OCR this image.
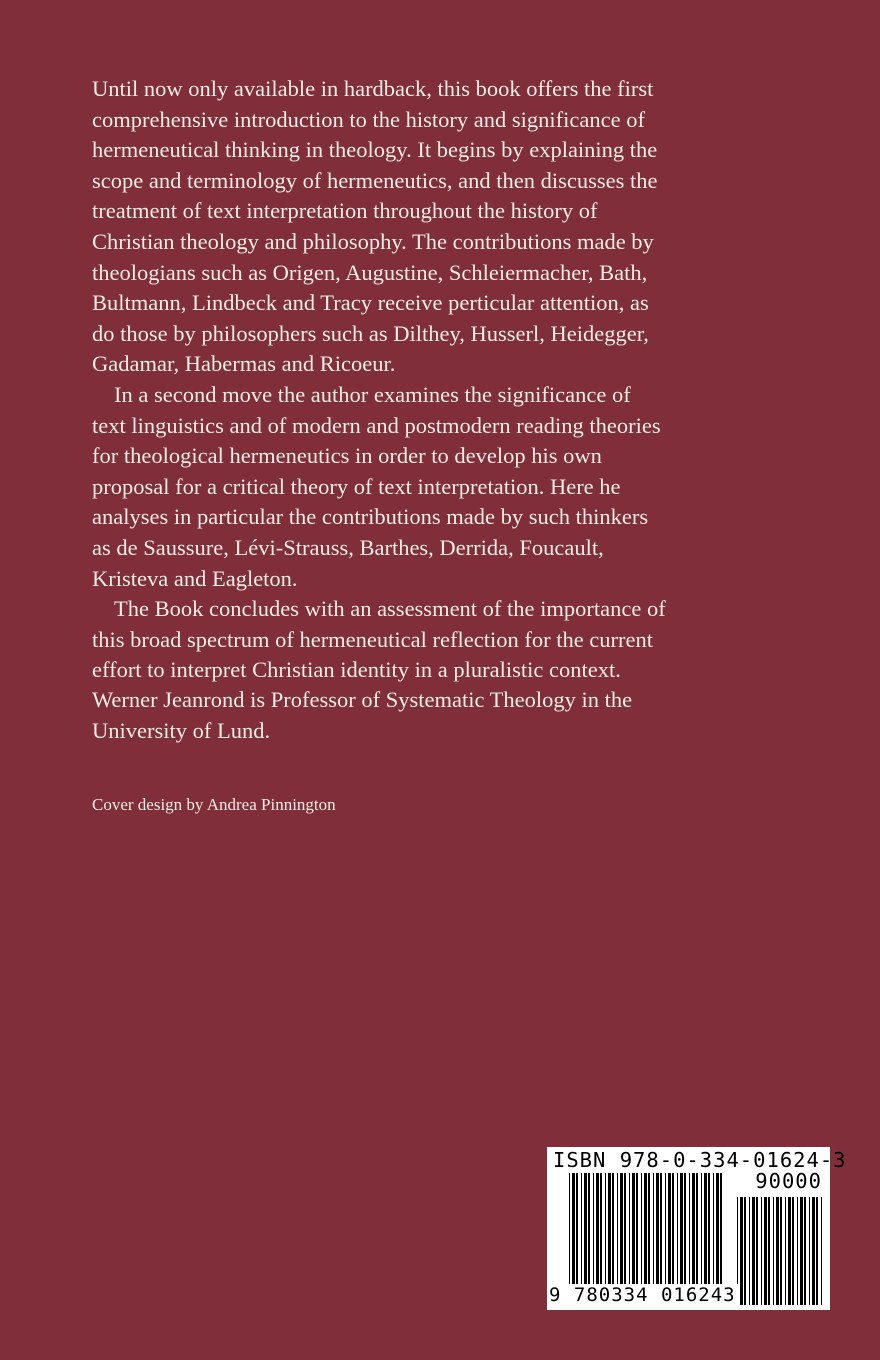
Until now only available in hardback, this book offers the first
comprehensive introduction to the history and significance of
hermeneutical thinking in theology. It begins by explaining the
scope and terminology of hermeneutics, and then discusses the
treatment of text interpretation throughout the history of
Christian theology and philosophy. The contributions made by
theologians such as Origen, Augustine, Schleiermacher, Bath,
Bultmann, Lindbeck and Tracy receive perticular attention, as
do those by philosophers such as Dilthey, Husserl, Heidegger,
Gadamar, Habermas and Ricoeur.

In a second move the author examines the significance of
text linguistics and of modern and postmodern reading theories
for theological hermeneutics in order to develop his own
proposal for a critical theory of text interpretation. Here he
analyses in particular the contributions made by such thinkers
as de Saussure, Lévi-Strauss, Barthes, Derrida, Foucault,
Kristeva and Eagleton.

The Book concludes with an assessment of the importance of
this broad spectrum of hermeneutical reflection for the current
effort to interpret Christian identity in a pluralistic context.

Werner Jeanrond is Professor of Systematic Theology in the
University of Lund.

Cover design by Andrea Pinnington

ISBN 978-0-334-01624-3
90000
9 780334 016243
